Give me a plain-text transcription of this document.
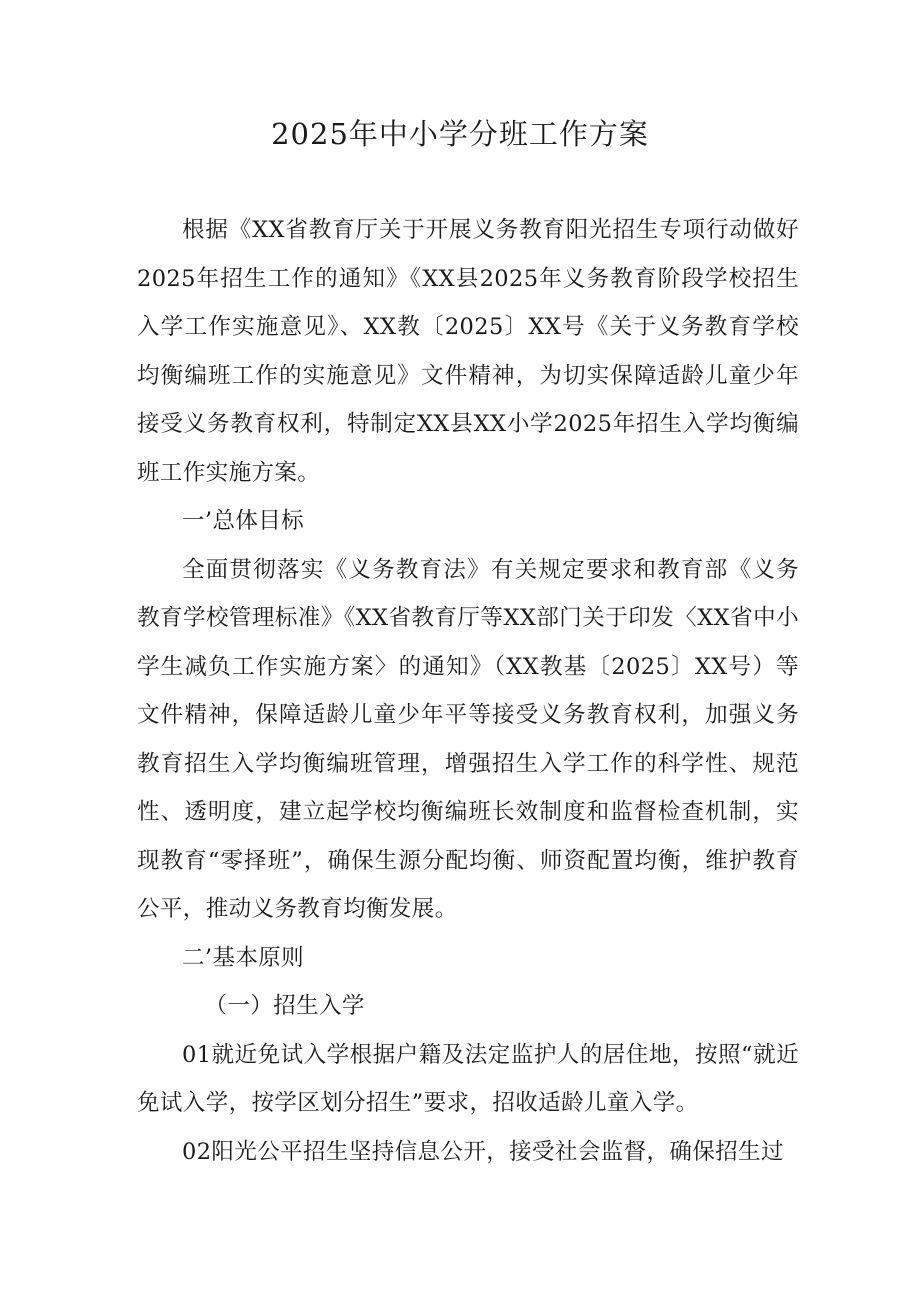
2025年中小学分班工作方案

根据《XX省教育厅关于开展义务教育阳光招生专项行动做好2025年招生工作的通知》《XX县2025年义务教育阶段学校招生入学工作实施意见》、XX教〔2025〕XX号《关于义务教育学校均衡编班工作的实施意见》文件精神，为切实保障适龄儿童少年接受义务教育权利，特制定XX县XX小学2025年招生入学均衡编班工作实施方案。

一’总体目标

全面贯彻落实《义务教育法》有关规定要求和教育部《义务教育学校管理标准》《XX省教育厅等XX部门关于印发〈XX省中小学生减负工作实施方案〉的通知》（XX教基〔2025〕XX号）等文件精神，保障适龄儿童少年平等接受义务教育权利，加强义务教育招生入学均衡编班管理，增强招生入学工作的科学性、规范性、透明度，建立起学校均衡编班长效制度和监督检查机制，实现教育“零择班”，确保生源分配均衡、师资配置均衡，维护教育公平，推动义务教育均衡发展。

二’基本原则

（一）招生入学

01就近免试入学根据户籍及法定监护人的居住地，按照“就近免试入学，按学区划分招生”要求，招收适龄儿童入学。

02阳光公平招生坚持信息公开，接受社会监督，确保招生过
